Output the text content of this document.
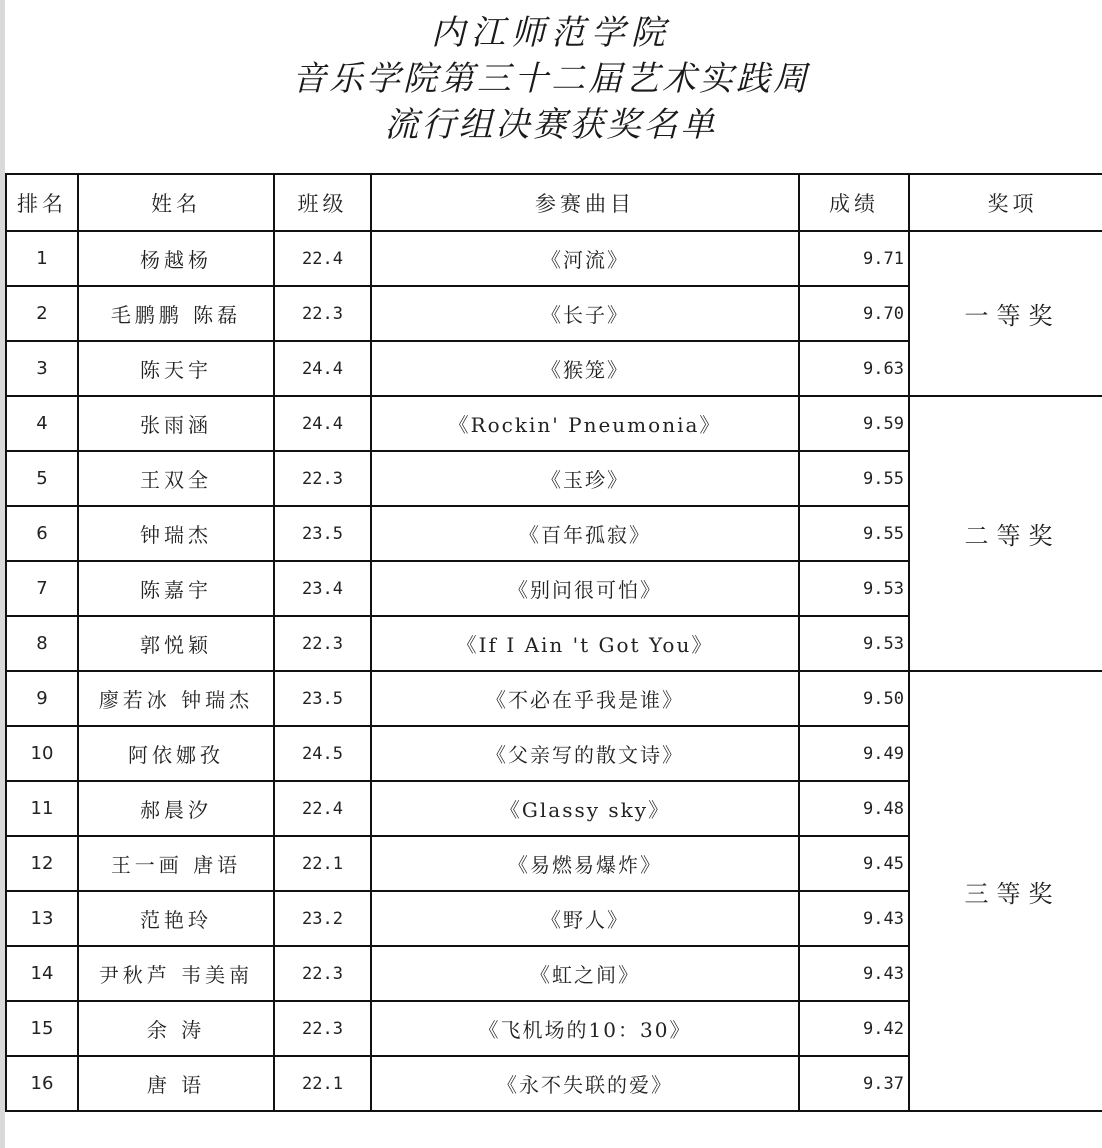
内江师范学院
音乐学院第三十二届艺术实践周
流行组决赛获奖名单
排名	姓名	班级	参赛曲目	成绩	奖项
1	杨越杨	22.4	《河流》	9.71	一等奖
2	毛鹏鹏 陈磊	22.3	《长子》	9.70	
3	陈天宇	24.4	《猴笼》	9.63	
4	张雨涵	24.4	《Rockin' Pneumonia》	9.59	二等奖
5	王双全	22.3	《玉珍》	9.55	
6	钟瑞杰	23.5	《百年孤寂》	9.55	
7	陈嘉宇	23.4	《别问很可怕》	9.53	
8	郭悦颖	22.3	《If I Ain 't Got You》	9.53	
9	廖若冰 钟瑞杰	23.5	《不必在乎我是谁》	9.50	三等奖
10	阿依娜孜	24.5	《父亲写的散文诗》	9.49	
11	郝晨汐	22.4	《Glassy sky》	9.48	
12	王一画 唐语	22.1	《易燃易爆炸》	9.45	
13	范艳玲	23.2	《野人》	9.43	
14	尹秋芦 韦美南	22.3	《虹之间》	9.43	
15	余 涛	22.3	《飞机场的10：30》	9.42	
16	唐 语	22.1	《永不失联的爱》	9.37	
